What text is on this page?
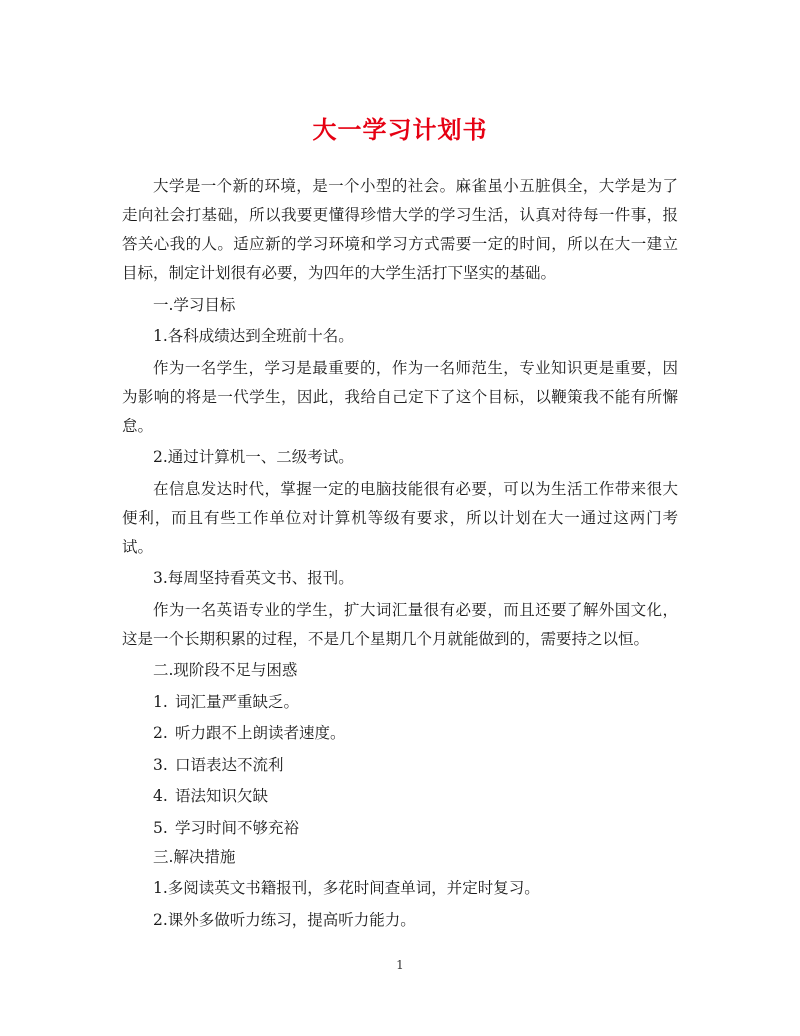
大一学习计划书

大学是一个新的环境，是一个小型的社会。麻雀虽小五脏俱全，大学是为了走向社会打基础，所以我要更懂得珍惜大学的学习生活，认真对待每一件事，报答关心我的人。适应新的学习环境和学习方式需要一定的时间，所以在大一建立目标，制定计划很有必要，为四年的大学生活打下坚实的基础。

一.学习目标

1.各科成绩达到全班前十名。

作为一名学生，学习是最重要的，作为一名师范生，专业知识更是重要，因为影响的将是一代学生，因此，我给自己定下了这个目标，以鞭策我不能有所懈怠。

2.通过计算机一、二级考试。

在信息发达时代，掌握一定的电脑技能很有必要，可以为生活工作带来很大便利，而且有些工作单位对计算机等级有要求，所以计划在大一通过这两门考试。

3.每周坚持看英文书、报刊。

作为一名英语专业的学生，扩大词汇量很有必要，而且还要了解外国文化，这是一个长期积累的过程，不是几个星期几个月就能做到的，需要持之以恒。

二.现阶段不足与困惑

1. 词汇量严重缺乏。

2. 听力跟不上朗读者速度。

3. 口语表达不流利

4. 语法知识欠缺

5. 学习时间不够充裕

三.解决措施

1.多阅读英文书籍报刊，多花时间查单词，并定时复习。

2.课外多做听力练习，提高听力能力。

1
